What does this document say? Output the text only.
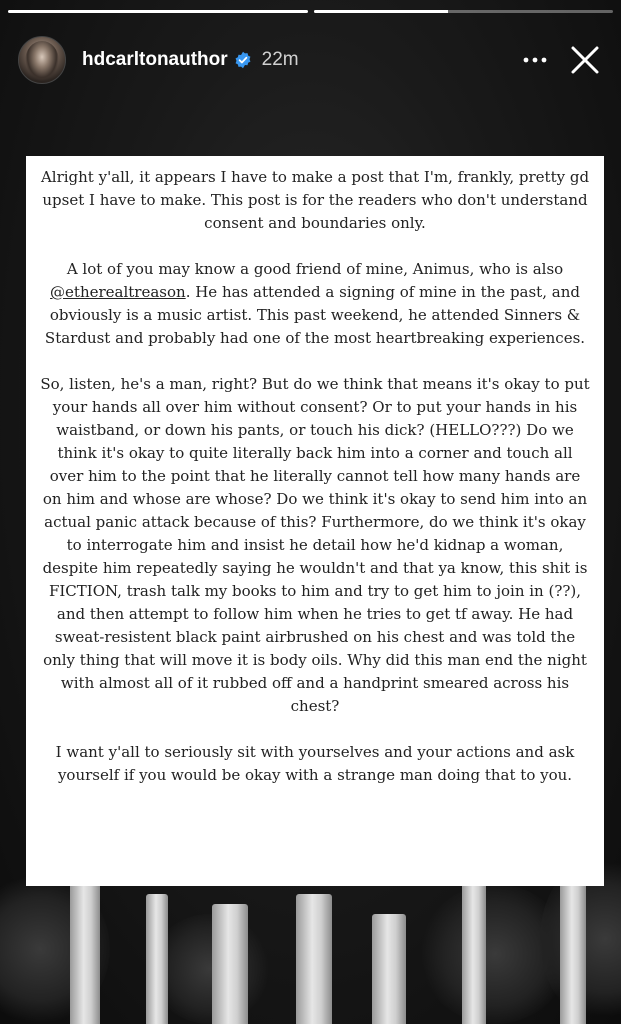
hdcarltonauthor 22m

Alright y'all, it appears I have to make a post that I'm, frankly, pretty gd upset I have to make. This post is for the readers who don't understand consent and boundaries only.

A lot of you may know a good friend of mine, Animus, who is also @etherealtreason. He has attended a signing of mine in the past, and obviously is a music artist. This past weekend, he attended Sinners & Stardust and probably had one of the most heartbreaking experiences.

So, listen, he's a man, right? But do we think that means it's okay to put your hands all over him without consent? Or to put your hands in his waistband, or down his pants, or touch his dick? (HELLO???) Do we think it's okay to quite literally back him into a corner and touch all over him to the point that he literally cannot tell how many hands are on him and whose are whose? Do we think it's okay to send him into an actual panic attack because of this? Furthermore, do we think it's okay to interrogate him and insist he detail how he'd kidnap a woman, despite him repeatedly saying he wouldn't and that ya know, this shit is FICTION, trash talk my books to him and try to get him to join in (??), and then attempt to follow him when he tries to get tf away. He had sweat-resistent black paint airbrushed on his chest and was told the only thing that will move it is body oils. Why did this man end the night with almost all of it rubbed off and a handprint smeared across his chest?

I want y'all to seriously sit with yourselves and your actions and ask yourself if you would be okay with a strange man doing that to you.
